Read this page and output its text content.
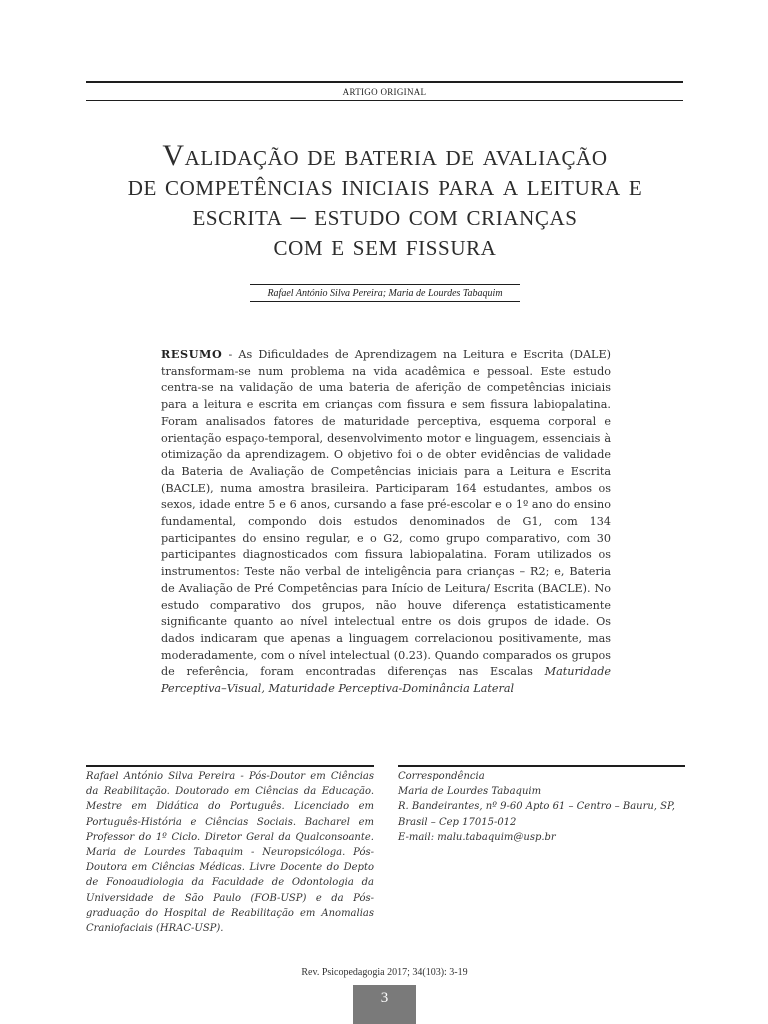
ARTIGO ORIGINAL
Validação de bateria de avaliação
de competências iniciais para a leitura e
escrita – estudo com crianças
com e sem fissura
Rafael António Silva Pereira; Maria de Lourdes Tabaquim

RESUMO - As Dificuldades de Aprendizagem na Leitura e Escrita (DALE) transformam-se num problema na vida acadêmica e pessoal. Este estudo centra-se na validação de uma bateria de aferição de competências iniciais para a leitura e escrita em crianças com fissura e sem fissura labiopalatina. Foram analisados fatores de maturidade perceptiva, esquema corporal e orientação espaço-temporal, desenvolvimento motor e linguagem, essenciais à otimização da aprendizagem. O objetivo foi o de obter evidências de validade da Bateria de Avaliação de Competências iniciais para a Leitura e Escrita (BACLE), numa amostra brasileira. Participaram 164 estudantes, ambos os sexos, idade entre 5 e 6 anos, cursando a fase pré-escolar e o 1º ano do ensino fundamental, compondo dois estudos denominados de G1, com 134 participantes do ensino regular, e o G2, como grupo comparativo, com 30 participantes diagnosticados com fissura labiopalatina. Foram utilizados os instrumentos: Teste não verbal de inteligência para crianças – R2; e, Bateria de Avaliação de Pré Competências para Início de Leitura/ Escrita (BACLE). No estudo comparativo dos grupos, não houve diferença estatisticamente significante quanto ao nível intelectual entre os dois grupos de idade. Os dados indicaram que apenas a linguagem correlacionou positivamente, mas moderadamente, com o nível intelectual (0.23). Quando comparados os grupos de referência, foram encontradas diferenças nas Escalas Maturidade Perceptiva–Visual, Maturidade Perceptiva-Dominância Lateral

Rafael António Silva Pereira - Pós-Doutor em Ciências da Reabilitação. Doutorado em Ciências da Educação. Mestre em Didática do Português. Licenciado em Português-História e Ciências Sociais. Bacharel em Professor do 1º Ciclo. Diretor Geral da Qualconsoante. Maria de Lourdes Tabaquim - Neuropsicóloga. Pós-Doutora em Ciências Médicas. Livre Docente do Depto de Fonoaudiologia da Faculdade de Odontologia da Universidade de São Paulo (FOB-USP) e da Pós-graduação do Hospital de Reabilitação em Anomalias Craniofaciais (HRAC-USP).

Correspondência
Maria de Lourdes Tabaquim
R. Bandeirantes, nº 9-60 Apto 61 – Centro – Bauru, SP,
Brasil – Cep 17015-012
E-mail: malu.tabaquim@usp.br
Rev. Psicopedagogia 2017; 34(103): 3-19
3
